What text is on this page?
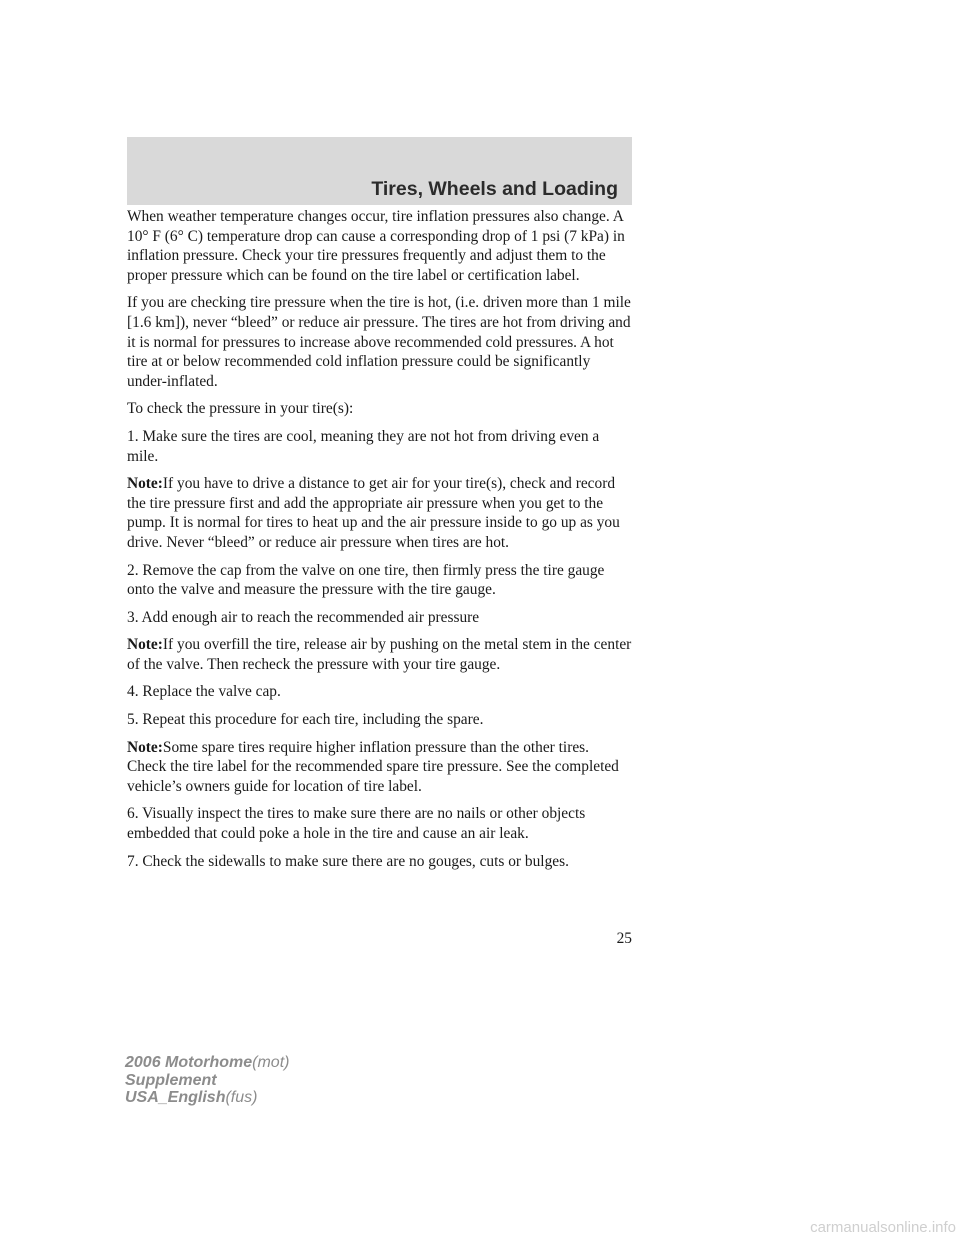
Tires, Wheels and Loading

When weather temperature changes occur, tire inflation pressures also change. A 10° F (6° C) temperature drop can cause a corresponding drop of 1 psi (7 kPa) in inflation pressure. Check your tire pressures frequently and adjust them to the proper pressure which can be found on the tire label or certification label.

If you are checking tire pressure when the tire is hot, (i.e. driven more than 1 mile [1.6 km]), never “bleed” or reduce air pressure. The tires are hot from driving and it is normal for pressures to increase above recommended cold pressures. A hot tire at or below recommended cold inflation pressure could be significantly under-inflated.

To check the pressure in your tire(s):

1. Make sure the tires are cool, meaning they are not hot from driving even a mile.

Note:If you have to drive a distance to get air for your tire(s), check and record the tire pressure first and add the appropriate air pressure when you get to the pump. It is normal for tires to heat up and the air pressure inside to go up as you drive. Never “bleed” or reduce air pressure when tires are hot.

2. Remove the cap from the valve on one tire, then firmly press the tire gauge onto the valve and measure the pressure with the tire gauge.

3. Add enough air to reach the recommended air pressure

Note:If you overfill the tire, release air by pushing on the metal stem in the center of the valve. Then recheck the pressure with your tire gauge.

4. Replace the valve cap.

5. Repeat this procedure for each tire, including the spare.

Note:Some spare tires require higher inflation pressure than the other tires. Check the tire label for the recommended spare tire pressure. See the completed vehicle’s owners guide for location of tire label.

6. Visually inspect the tires to make sure there are no nails or other objects embedded that could poke a hole in the tire and cause an air leak.

7. Check the sidewalls to make sure there are no gouges, cuts or bulges.

25
2006 Motorhome(mot)
Supplement
USA_English(fus)
carmanualsonline.info
